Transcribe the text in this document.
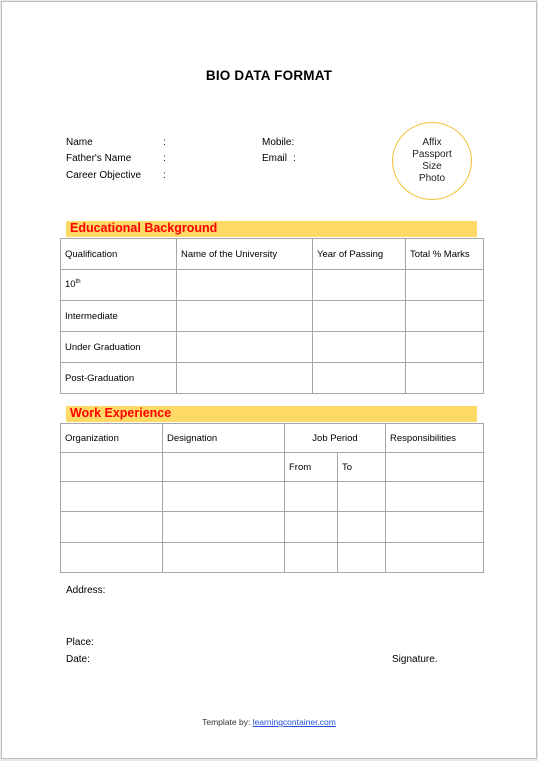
BIO DATA FORMAT
Name	:
Father's Name	:
Career Objective :
Mobile:
Email :
Affix
Passport
Size
Photo
Educational Background
Qualification	Name of the University	Year of Passing	Total % Marks
10th			
Intermediate			
Under Graduation			
Post-Graduation			
Work Experience
Organization	Designation	Job Period		Responsibilities
		From	To	

Address:
Place:
Date:	Signature.
Template by: learningcontainer.com
